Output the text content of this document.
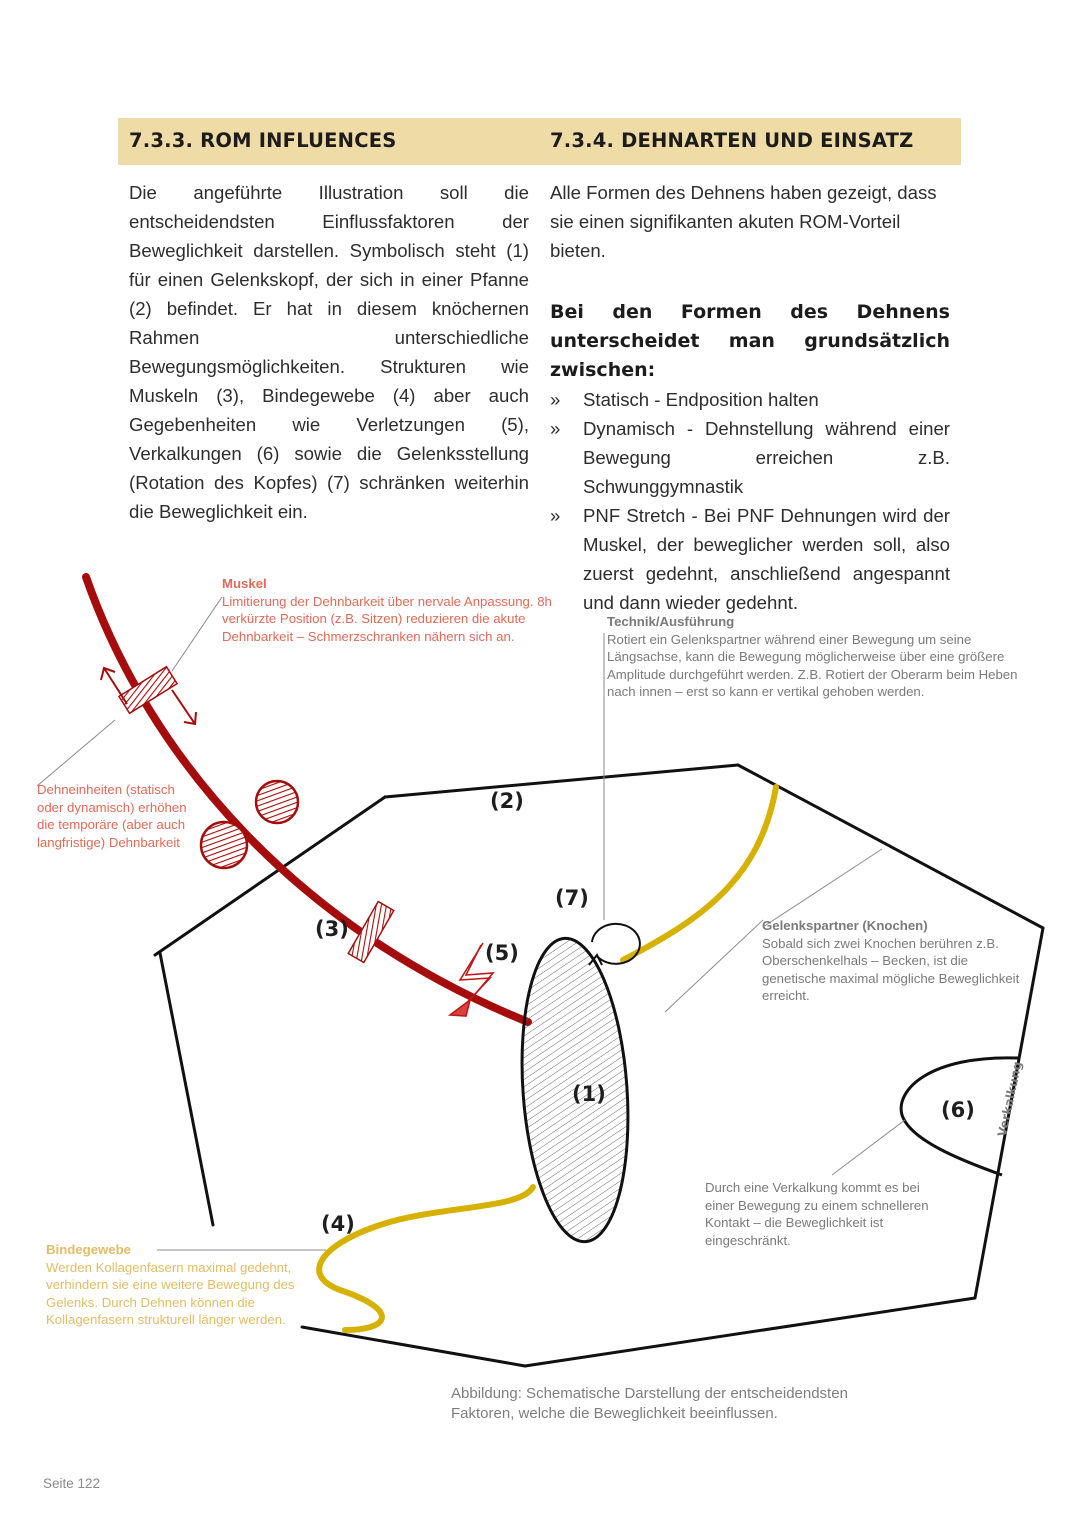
7.3.3. ROM INFLUENCES	7.3.4. DEHNARTEN UND EINSATZ
Die angeführte Illustration soll die entscheidendsten Einflussfaktoren der Beweglichkeit darstellen. Symbolisch steht (1) für einen Gelenkskopf, der sich in einer Pfanne (2) befindet. Er hat in diesem knöchernen Rahmen unterschiedliche Bewegungsmöglichkeiten. Strukturen wie Muskeln (3), Bindegewebe (4) aber auch Gegebenheiten wie Verletzungen (5), Verkalkungen (6) sowie die Gelenksstellung (Rotation des Kopfes) (7) schränken weiterhin die Beweglichkeit ein.
Alle Formen des Dehnens haben gezeigt, dass sie einen signifikanten akuten ROM-Vorteil bieten.
Bei den Formen des Dehnens unterscheidet man grundsätzlich zwischen:
» Statisch - Endposition halten
» Dynamisch - Dehnstellung während einer Bewegung erreichen z.B. Schwunggymnastik
» PNF Stretch - Bei PNF Dehnungen wird der Muskel, der beweglicher werden soll, also zuerst gedehnt, anschließend angespannt und dann wieder gedehnt.
(1)
(2)
(3)
(4)
(5)
(6)
(7)
Muskel
Limitierung der Dehnbarkeit über nervale Anpassung. 8h verkürzte Position (z.B. Sitzen) reduzieren die akute Dehnbarkeit – Schmerzschranken nähern sich an.
Dehneinheiten (statisch oder dynamisch) erhöhen die temporäre (aber auch langfristige) Dehnbarkeit
Technik/Ausführung
Rotiert ein Gelenkspartner während einer Bewegung um seine Längsachse, kann die Bewegung möglicherweise über eine größere Amplitude durchgeführt werden. Z.B. Rotiert der Oberarm beim Heben nach innen – erst so kann er vertikal gehoben werden.
Gelenkspartner (Knochen)
Sobald sich zwei Knochen berühren z.B. Oberschenkelhals – Becken, ist die genetische maximal mögliche Beweglichkeit erreicht.
Durch eine Verkalkung kommt es bei einer Bewegung zu einem schnelleren Kontakt – die Beweglichkeit ist eingeschränkt.
Verkalkung
Bindegewebe
Werden Kollagenfasern maximal gedehnt, verhindern sie eine weitere Bewegung des Gelenks. Durch Dehnen können die Kollagenfasern strukturell länger werden.
Abbildung: Schematische Darstellung der entscheidendsten Faktoren, welche die Beweglichkeit beeinflussen.
Seite 122
